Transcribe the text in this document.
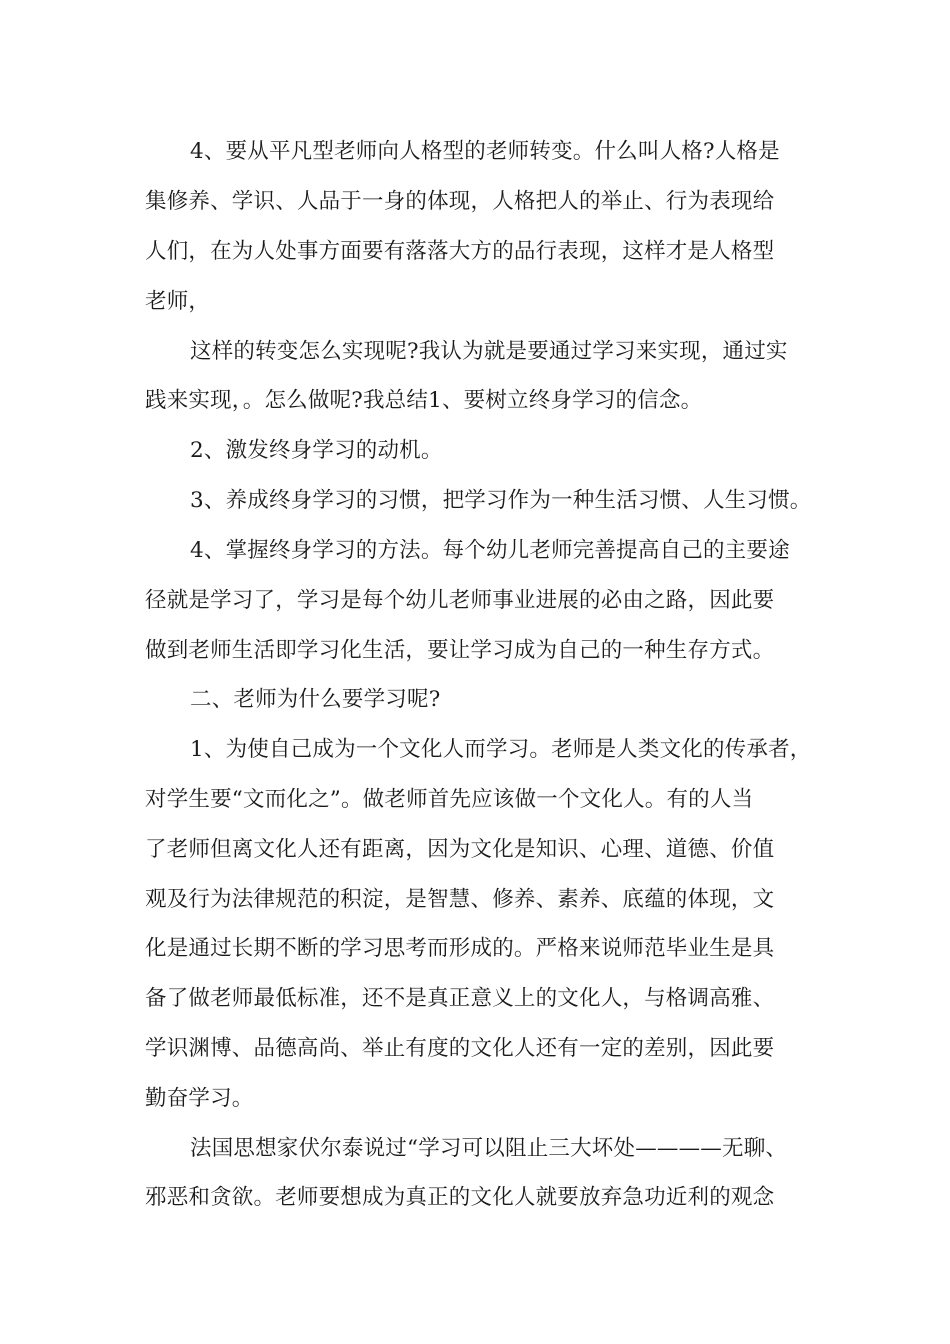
4、要从平凡型老师向人格型的老师转变。什么叫人格?人格是

集修养、学识、人品于一身的体现，人格把人的举止、行为表现给

人们，在为人处事方面要有落落大方的品行表现，这样才是人格型

老师，

这样的转变怎么实现呢?我认为就是要通过学习来实现，通过实

践来实现，。怎么做呢?我总结1、要树立终身学习的信念。

2、激发终身学习的动机。

3、养成终身学习的习惯，把学习作为一种生活习惯、人生习惯。

4、掌握终身学习的方法。每个幼儿老师完善提高自己的主要途

径就是学习了，学习是每个幼儿老师事业进展的必由之路，因此要

做到老师生活即学习化生活，要让学习成为自己的一种生存方式。

二、老师为什么要学习呢?

1、为使自己成为一个文化人而学习。老师是人类文化的传承者，

对学生要“文而化之”。做老师首先应该做一个文化人。有的人当

了老师但离文化人还有距离，因为文化是知识、心理、道德、价值

观及行为法律规范的积淀，是智慧、修养、素养、底蕴的体现，文

化是通过长期不断的学习思考而形成的。严格来说师范毕业生是具

备了做老师最低标准，还不是真正意义上的文化人，与格调高雅、

学识渊博、品德高尚、举止有度的文化人还有一定的差别，因此要

勤奋学习。

法国思想家伏尔泰说过“学习可以阻止三大坏处————无聊、

邪恶和贪欲。老师要想成为真正的文化人就要放弃急功近利的观念
